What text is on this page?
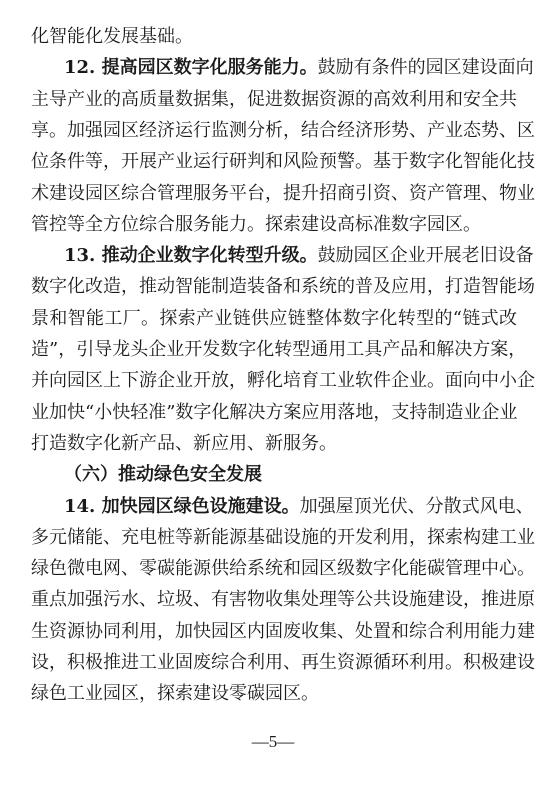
化智能化发展基础。
12. 提高园区数字化服务能力。鼓励有条件的园区建设面向
主导产业的高质量数据集，促进数据资源的高效利用和安全共
享。加强园区经济运行监测分析，结合经济形势、产业态势、区
位条件等，开展产业运行研判和风险预警。基于数字化智能化技
术建设园区综合管理服务平台，提升招商引资、资产管理、物业
管控等全方位综合服务能力。探索建设高标准数字园区。
13. 推动企业数字化转型升级。鼓励园区企业开展老旧设备
数字化改造，推动智能制造装备和系统的普及应用，打造智能场
景和智能工厂。探索产业链供应链整体数字化转型的“链式改
造”，引导龙头企业开发数字化转型通用工具产品和解决方案，
并向园区上下游企业开放，孵化培育工业软件企业。面向中小企
业加快“小快轻准”数字化解决方案应用落地，支持制造业企业
打造数字化新产品、新应用、新服务。
（六）推动绿色安全发展
14. 加快园区绿色设施建设。加强屋顶光伏、分散式风电、
多元储能、充电桩等新能源基础设施的开发利用，探索构建工业
绿色微电网、零碳能源供给系统和园区级数字化能碳管理中心。
重点加强污水、垃圾、有害物收集处理等公共设施建设，推进原
生资源协同利用，加快园区内固废收集、处置和综合利用能力建
设，积极推进工业固废综合利用、再生资源循环利用。积极建设
绿色工业园区，探索建设零碳园区。
—5—
